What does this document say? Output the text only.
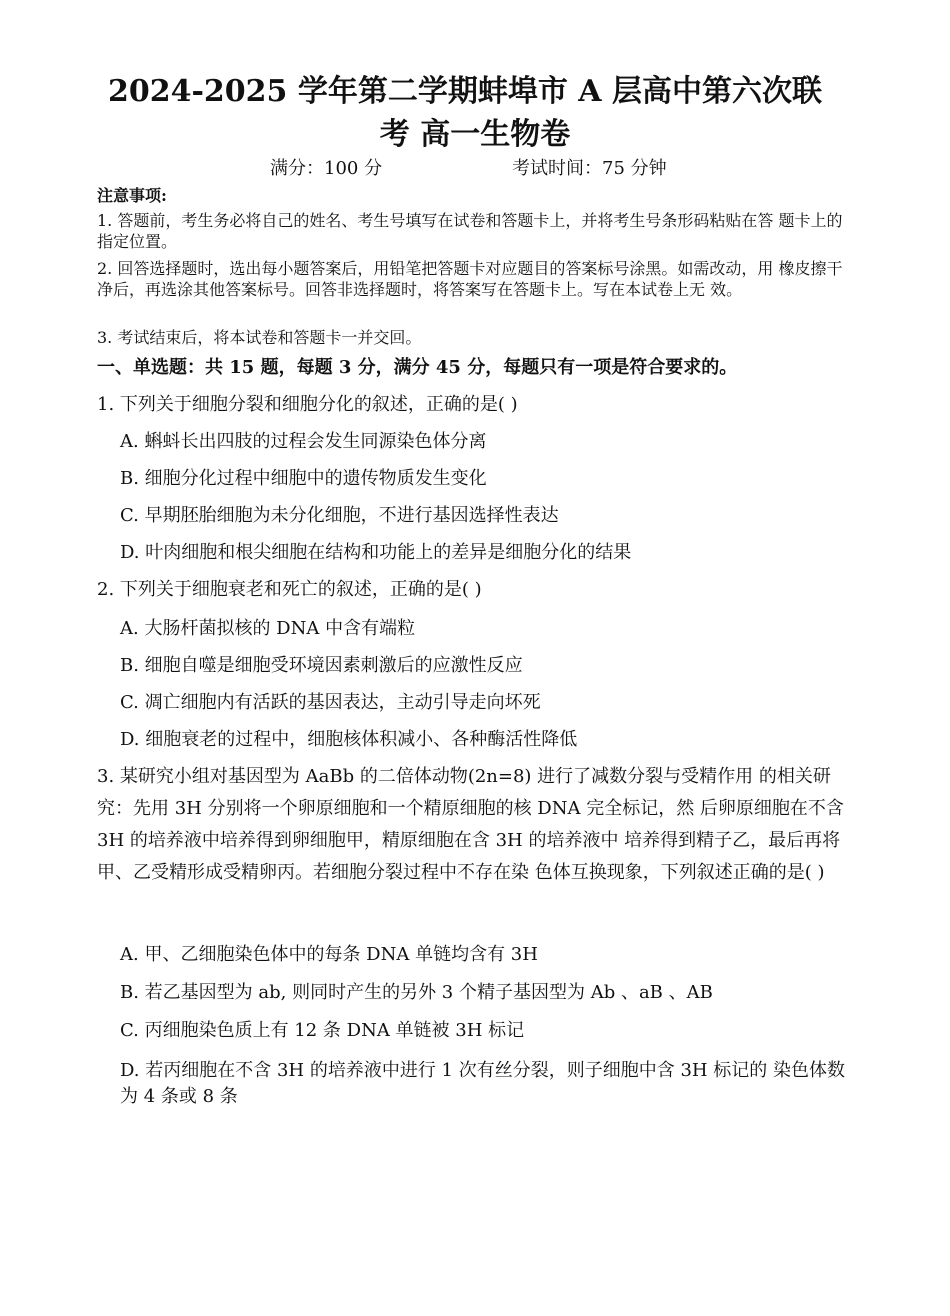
2024-2025 学年第二学期蚌埠市 A 层高中第六次联
考 高一生物卷
满分：100 分	考试时间：75 分钟
注意事项:
1. 答题前，考生务必将自己的姓名、考生号填写在试卷和答题卡上，并将考生号条形码粘贴在答 题卡上的指定位置。
2. 回答选择题时，选出每小题答案后，用铅笔把答题卡对应题目的答案标号涂黑。如需改动，用 橡皮擦干净后，再选涂其他答案标号。回答非选择题时，将答案写在答题卡上。写在本试卷上无 效。
3. 考试结束后，将本试卷和答题卡一并交回。
一、单选题：共 15 题，每题 3 分，满分 45 分，每题只有一项是符合要求的。
1. 下列关于细胞分裂和细胞分化的叙述，正确的是( )
A. 蝌蚪长出四肢的过程会发生同源染色体分离
B. 细胞分化过程中细胞中的遗传物质发生变化
C. 早期胚胎细胞为未分化细胞，不进行基因选择性表达
D. 叶肉细胞和根尖细胞在结构和功能上的差异是细胞分化的结果
2. 下列关于细胞衰老和死亡的叙述，正确的是( )
A. 大肠杆菌拟核的 DNA 中含有端粒
B. 细胞自噬是细胞受环境因素刺激后的应激性反应
C. 凋亡细胞内有活跃的基因表达，主动引导走向坏死
D. 细胞衰老的过程中，细胞核体积减小、各种酶活性降低
3. 某研究小组对基因型为 AaBb 的二倍体动物(2n=8) 进行了减数分裂与受精作用 的相关研究：先用 3H 分别将一个卵原细胞和一个精原细胞的核 DNA 完全标记，然 后卵原细胞在不含 3H 的培养液中培养得到卵细胞甲，精原细胞在含 3H 的培养液中 培养得到精子乙，最后再将甲、乙受精形成受精卵丙。若细胞分裂过程中不存在染 色体互换现象，下列叙述正确的是( )
A. 甲、乙细胞染色体中的每条 DNA 单链均含有 3H
B. 若乙基因型为 ab, 则同时产生的另外 3 个精子基因型为 Ab 、aB 、AB
C. 丙细胞染色质上有 12 条 DNA 单链被 3H 标记
D. 若丙细胞在不含 3H 的培养液中进行 1 次有丝分裂，则子细胞中含 3H 标记的 染色体数为 4 条或 8 条
